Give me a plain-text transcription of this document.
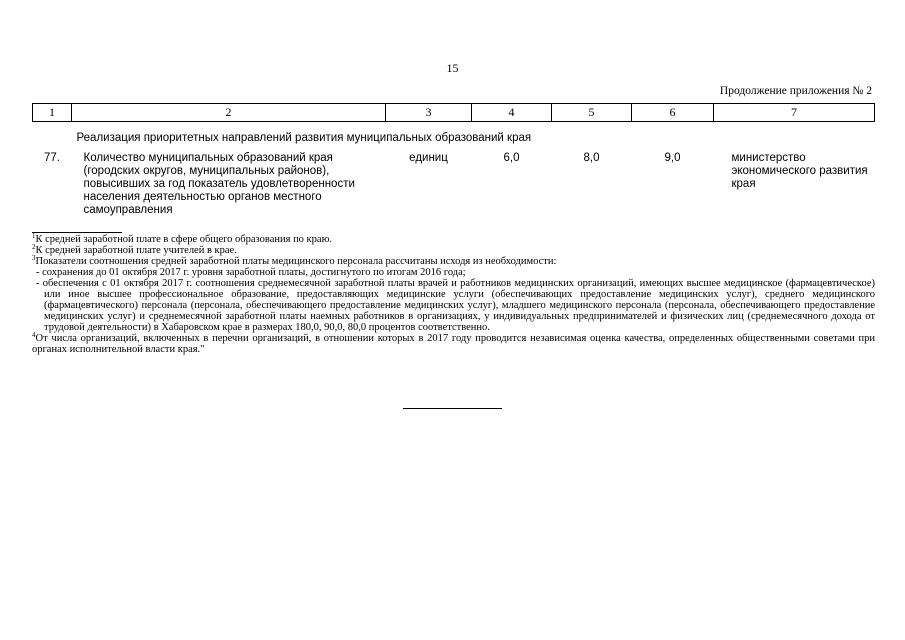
15
Продолжение приложения № 2
1	2	3	4	5	6	7
Реализация приоритетных направлений развития муниципальных образований края						
77.	Количество муниципальных образований края (городских округов, муниципальных районов), повысивших за год показатель удовлетворенности населения деятельностью органов местного самоуправления	единиц	6,0	8,0	9,0	министерство экономического развития края

$^1$К средней заработной плате в сфере общего образования по краю.

$^2$К средней заработной плате учителей в крае.

$^3$Показатели соотношения средней заработной платы медицинского персонала рассчитаны исходя из необходимости:

- сохранения до 01 октября 2017 г. уровня заработной платы, достигнутого по итогам 2016 года;

- обеспечения с 01 октября 2017 г. соотношения среднемесячной заработной платы врачей и работников медицинских организаций, имеющих высшее медицинское (фармацевтическое) или иное высшее профессиональное образование, предоставляющих медицинские услуги (обеспечивающих предоставление медицинских услуг), среднего медицинского (фармацевтического) персонала (персонала, обеспечивающего предоставление медицинских услуг), младшего медицинского персонала (персонала, обеспечивающего предоставление медицинских услуг) и среднемесячной заработной платы наемных работников в организациях, у индивидуальных предпринимателей и физических лиц (среднемесячного дохода от трудовой деятельности) в Хабаровском крае в размерах 180,0, 90,0, 80,0 процентов соответственно.

$^4$От числа организаций, включенных в перечни организаций, в отношении которых в 2017 году проводится независимая оценка качества, определенных общественными советами при органах исполнительной власти края."
